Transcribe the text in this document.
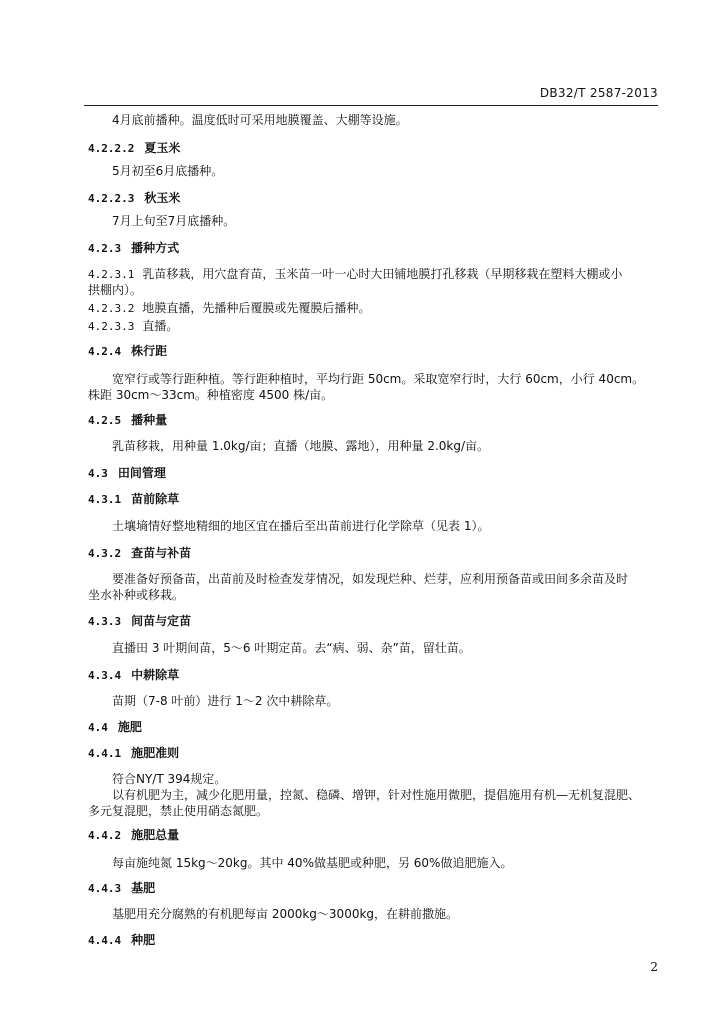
DB32/T 2587-2013
4月底前播种。温度低时可采用地膜覆盖、大棚等设施。
4.2.2.2 夏玉米
5月初至6月底播种。
4.2.2.3 秋玉米
7月上旬至7月底播种。
4.2.3 播种方式
4.2.3.1 乳苗移栽，用穴盘育苗，玉米苗一叶一心时大田铺地膜打孔移栽（早期移栽在塑料大棚或小
拱棚内）。
4.2.3.2 地膜直播，先播种后覆膜或先覆膜后播种。
4.2.3.3 直播。
4.2.4 株行距
宽窄行或等行距种植。等行距种植时，平均行距 50cm。采取宽窄行时，大行 60cm，小行 40cm。
株距 30cm～33cm。种植密度 4500 株/亩。
4.2.5 播种量
乳苗移栽，用种量 1.0kg/亩；直播（地膜、露地），用种量 2.0kg/亩。
4.3 田间管理
4.3.1 苗前除草
土壤墒情好整地精细的地区宜在播后至出苗前进行化学除草（见表 1）。
4.3.2 查苗与补苗
要准备好预备苗，出苗前及时检查发芽情况，如发现烂种、烂芽，应利用预备苗或田间多余苗及时
坐水补种或移栽。
4.3.3 间苗与定苗
直播田 3 叶期间苗，5～6 叶期定苗。去“病、弱、杂”苗，留壮苗。
4.3.4 中耕除草
苗期（7-8 叶前）进行 1～2 次中耕除草。
4.4 施肥
4.4.1 施肥准则
符合NY/T 394规定。
以有机肥为主，减少化肥用量，控氮、稳磷、增钾，针对性施用微肥，提倡施用有机—无机复混肥、
多元复混肥，禁止使用硝态氮肥。
4.4.2 施肥总量
每亩施纯氮 15kg～20kg。其中 40%做基肥或种肥，另 60%做追肥施入。
4.4.3 基肥
基肥用充分腐熟的有机肥每亩 2000kg～3000kg，在耕前撒施。
4.4.4 种肥
2
